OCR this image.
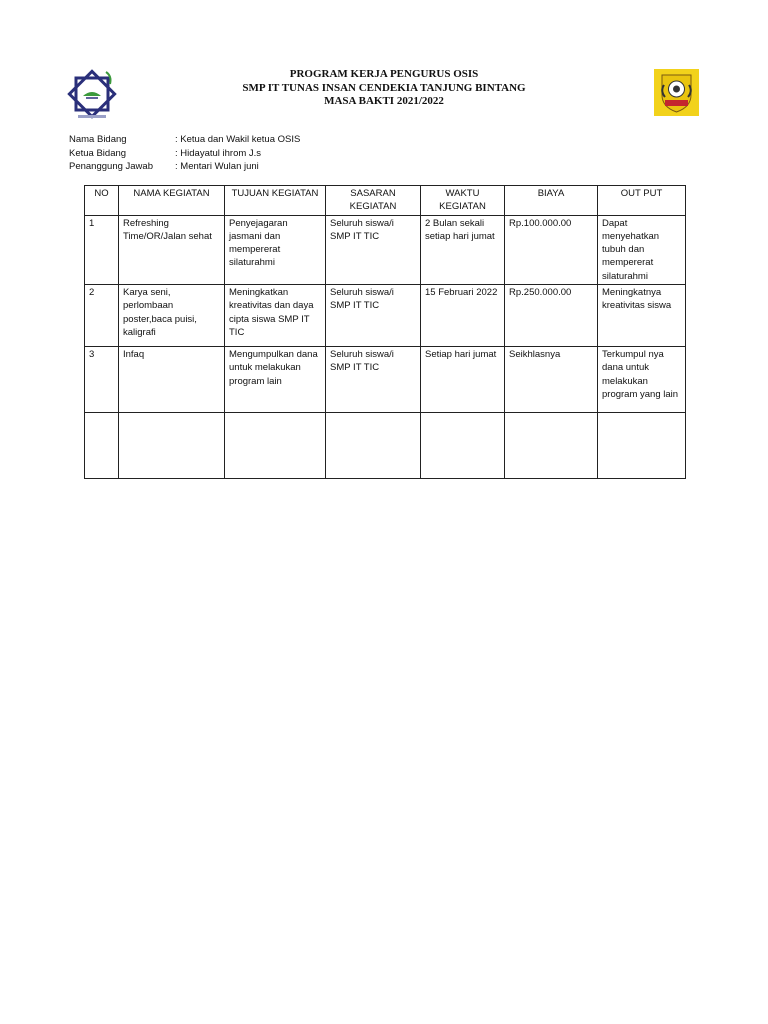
PROGRAM KERJA PENGURUS OSIS
SMP IT TUNAS INSAN CENDEKIA TANJUNG BINTANG
MASA BAKTI 2021/2022
Nama Bidang	: Ketua dan Wakil ketua OSIS
Ketua Bidang	: Hidayatul ihrom J.s
Penanggung Jawab	: Mentari Wulan juni
NO	NAMA KEGIATAN	TUJUAN KEGIATAN	SASARAN KEGIATAN	WAKTU KEGIATAN	BIAYA	OUT PUT
1	Refreshing Time/OR/Jalan sehat	Penyejagaran jasmani dan mempererat silaturahmi	Seluruh siswa/i SMP IT TIC	2 Bulan sekali setiap hari jumat	Rp.100.000.00	Dapat menyehatkan tubuh dan mempererat silaturahmi
2	Karya seni, perlombaan poster,baca puisi, kaligrafi	Meningkatkan kreativitas dan daya cipta siswa SMP IT TIC	Seluruh siswa/i SMP IT TIC	15 Februari 2022	Rp.250.000.00	Meningkatnya kreativitas siswa
3	Infaq	Mengumpulkan dana untuk melakukan program lain	Seluruh siswa/i SMP IT TIC	Setiap hari jumat	Seikhlasnya	Terkumpul nya dana untuk melakukan program yang lain
